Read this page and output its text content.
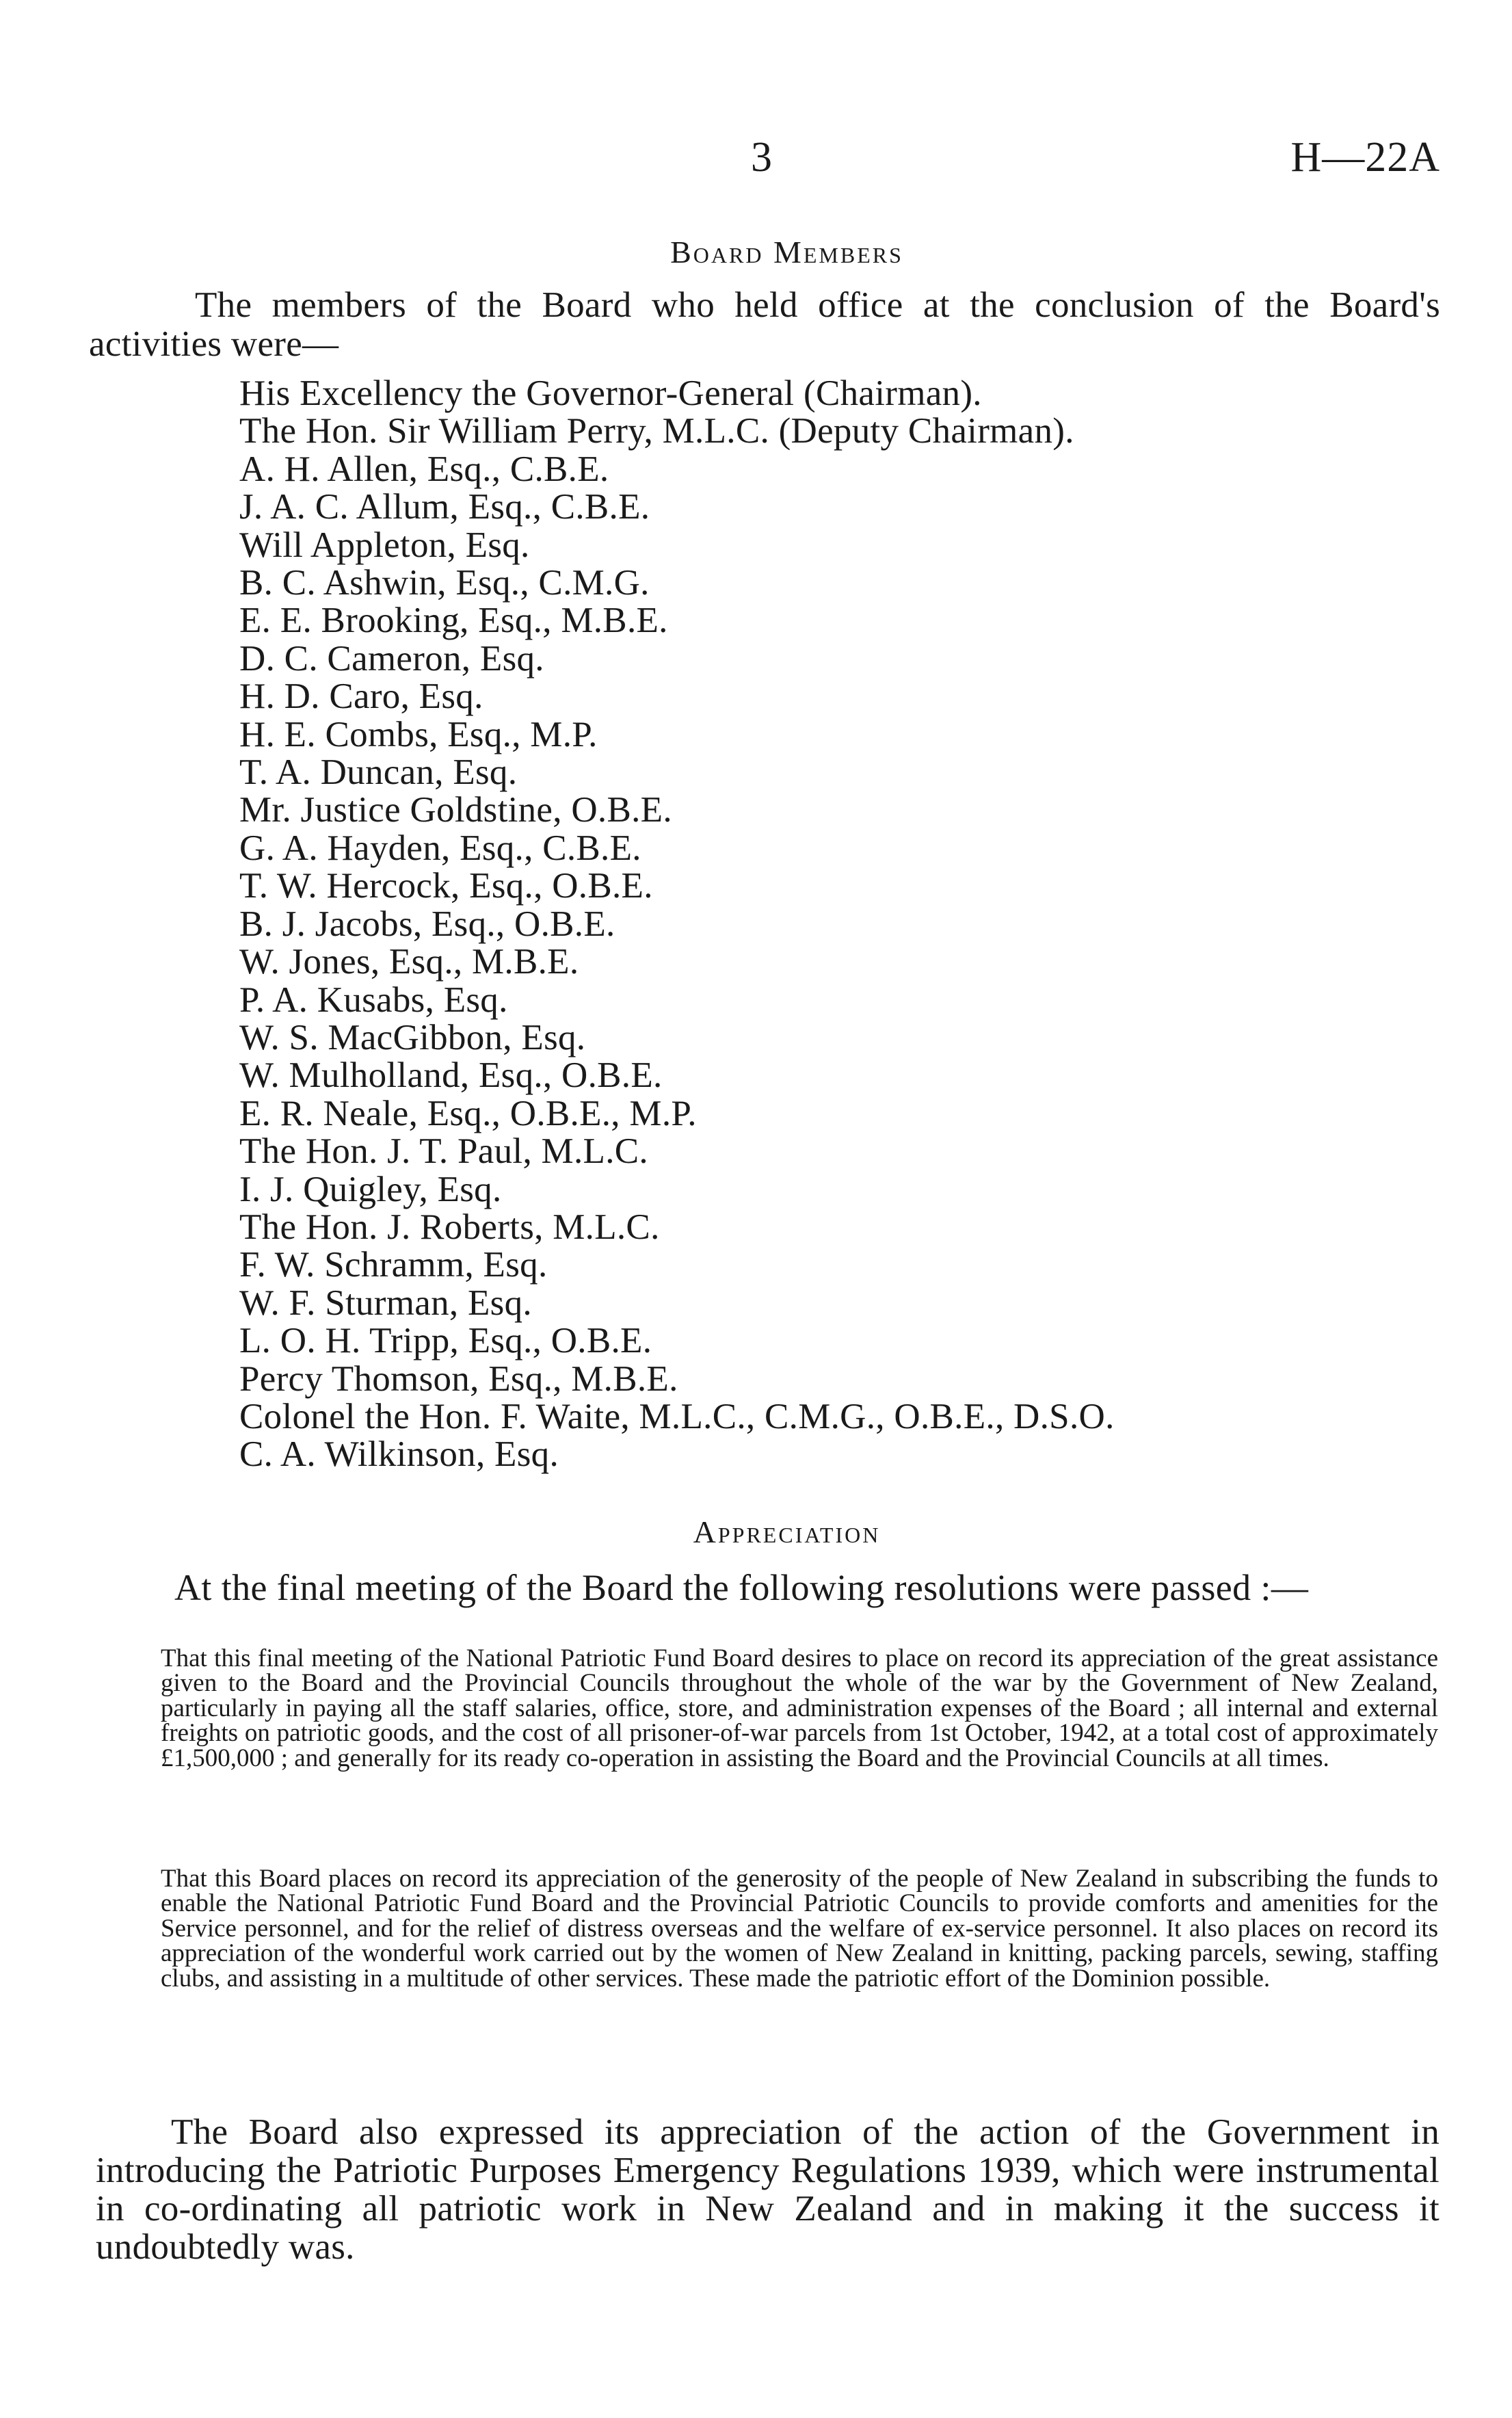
3	H—22A
Board Members
The members of the Board who held office at the conclusion of the Board's activities were—
His Excellency the Governor-General (Chairman).
The Hon. Sir William Perry, M.L.C. (Deputy Chairman).
A. H. Allen, Esq., C.B.E.
J. A. C. Allum, Esq., C.B.E.
Will Appleton, Esq.
B. C. Ashwin, Esq., C.M.G.
E. E. Brooking, Esq., M.B.E.
D. C. Cameron, Esq.
H. D. Caro, Esq.
H. E. Combs, Esq., M.P.
T. A. Duncan, Esq.
Mr. Justice Goldstine, O.B.E.
G. A. Hayden, Esq., C.B.E.
T. W. Hercock, Esq., O.B.E.
B. J. Jacobs, Esq., O.B.E.
W. Jones, Esq., M.B.E.
P. A. Kusabs, Esq.
W. S. MacGibbon, Esq.
W. Mulholland, Esq., O.B.E.
E. R. Neale, Esq., O.B.E., M.P.
The Hon. J. T. Paul, M.L.C.
I. J. Quigley, Esq.
The Hon. J. Roberts, M.L.C.
F. W. Schramm, Esq.
W. F. Sturman, Esq.
L. O. H. Tripp, Esq., O.B.E.
Percy Thomson, Esq., M.B.E.
Colonel the Hon. F. Waite, M.L.C., C.M.G., O.B.E., D.S.O.
C. A. Wilkinson, Esq.
Appreciation
At the final meeting of the Board the following resolutions were passed :—

That this final meeting of the National Patriotic Fund Board desires to place on record its appreciation of the great assistance given to the Board and the Provincial Councils throughout the whole of the war by the Government of New Zealand, particularly in paying all the staff salaries, office, store, and administration expenses of the Board ; all internal and external freights on patriotic goods, and the cost of all prisoner-of-war parcels from 1st October, 1942, at a total cost of approximately £1,500,000 ; and generally for its ready co-operation in assisting the Board and the Provincial Councils at all times.

That this Board places on record its appreciation of the generosity of the people of New Zealand in subscribing the funds to enable the National Patriotic Fund Board and the Provincial Patriotic Councils to provide comforts and amenities for the Service personnel, and for the relief of distress overseas and the welfare of ex-service personnel. It also places on record its appreciation of the wonderful work carried out by the women of New Zealand in knitting, packing parcels, sewing, staffing clubs, and assisting in a multitude of other services. These made the patriotic effort of the Dominion possible.

The Board also expressed its appreciation of the action of the Government in introducing the Patriotic Purposes Emergency Regulations 1939, which were instrumental in co-ordinating all patriotic work in New Zealand and in making it the success it undoubtedly was.
